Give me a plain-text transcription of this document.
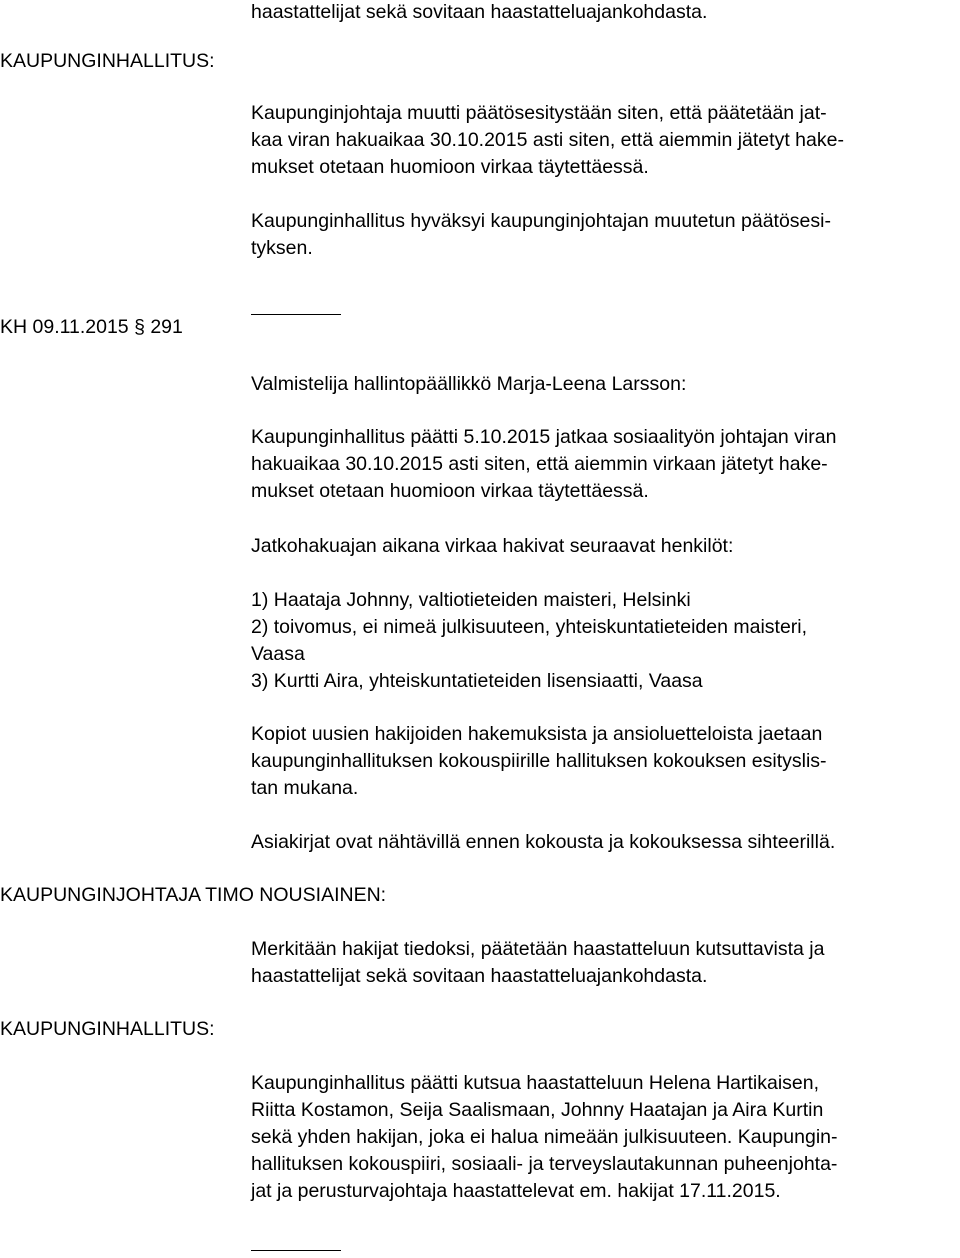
haastattelijat sekä sovitaan haastatteluajankohdasta.

KAUPUNGINHALLITUS:

Kaupunginjohtaja muutti päätösesitystään siten, että päätetään jat-

kaa viran hakuaikaa 30.10.2015 asti siten, että aiemmin jätetyt hake-

mukset otetaan huomioon virkaa täytettäessä.

Kaupunginhallitus hyväksyi kaupunginjohtajan muutetun päätösesi-

tyksen.

KH 09.11.2015 § 291

Valmistelija hallintopäällikkö Marja-Leena Larsson:

Kaupunginhallitus päätti 5.10.2015 jatkaa sosiaalityön johtajan viran

hakuaikaa 30.10.2015 asti siten, että aiemmin virkaan jätetyt hake-

mukset otetaan huomioon virkaa täytettäessä.

Jatkohakuajan aikana virkaa hakivat seuraavat henkilöt:

1) Haataja Johnny, valtiotieteiden maisteri, Helsinki

2) toivomus, ei nimeä julkisuuteen, yhteiskuntatieteiden maisteri,

Vaasa

3) Kurtti Aira, yhteiskuntatieteiden lisensiaatti, Vaasa

Kopiot uusien hakijoiden hakemuksista ja ansioluetteloista jaetaan

kaupunginhallituksen kokouspiirille hallituksen kokouksen esityslis-

tan mukana.

Asiakirjat ovat nähtävillä ennen kokousta ja kokouksessa sihteerillä.

KAUPUNGINJOHTAJA TIMO NOUSIAINEN:

Merkitään hakijat tiedoksi, päätetään haastatteluun kutsuttavista ja

haastattelijat sekä sovitaan haastatteluajankohdasta.

KAUPUNGINHALLITUS:

Kaupunginhallitus päätti kutsua haastatteluun Helena Hartikaisen,

Riitta Kostamon, Seija Saalismaan, Johnny Haatajan ja Aira Kurtin

sekä yhden hakijan, joka ei halua nimeään julkisuuteen. Kaupungin-

hallituksen kokouspiiri, sosiaali- ja terveyslautakunnan puheenjohta-

jat ja perusturvajohtaja haastattelevat em. hakijat 17.11.2015.
